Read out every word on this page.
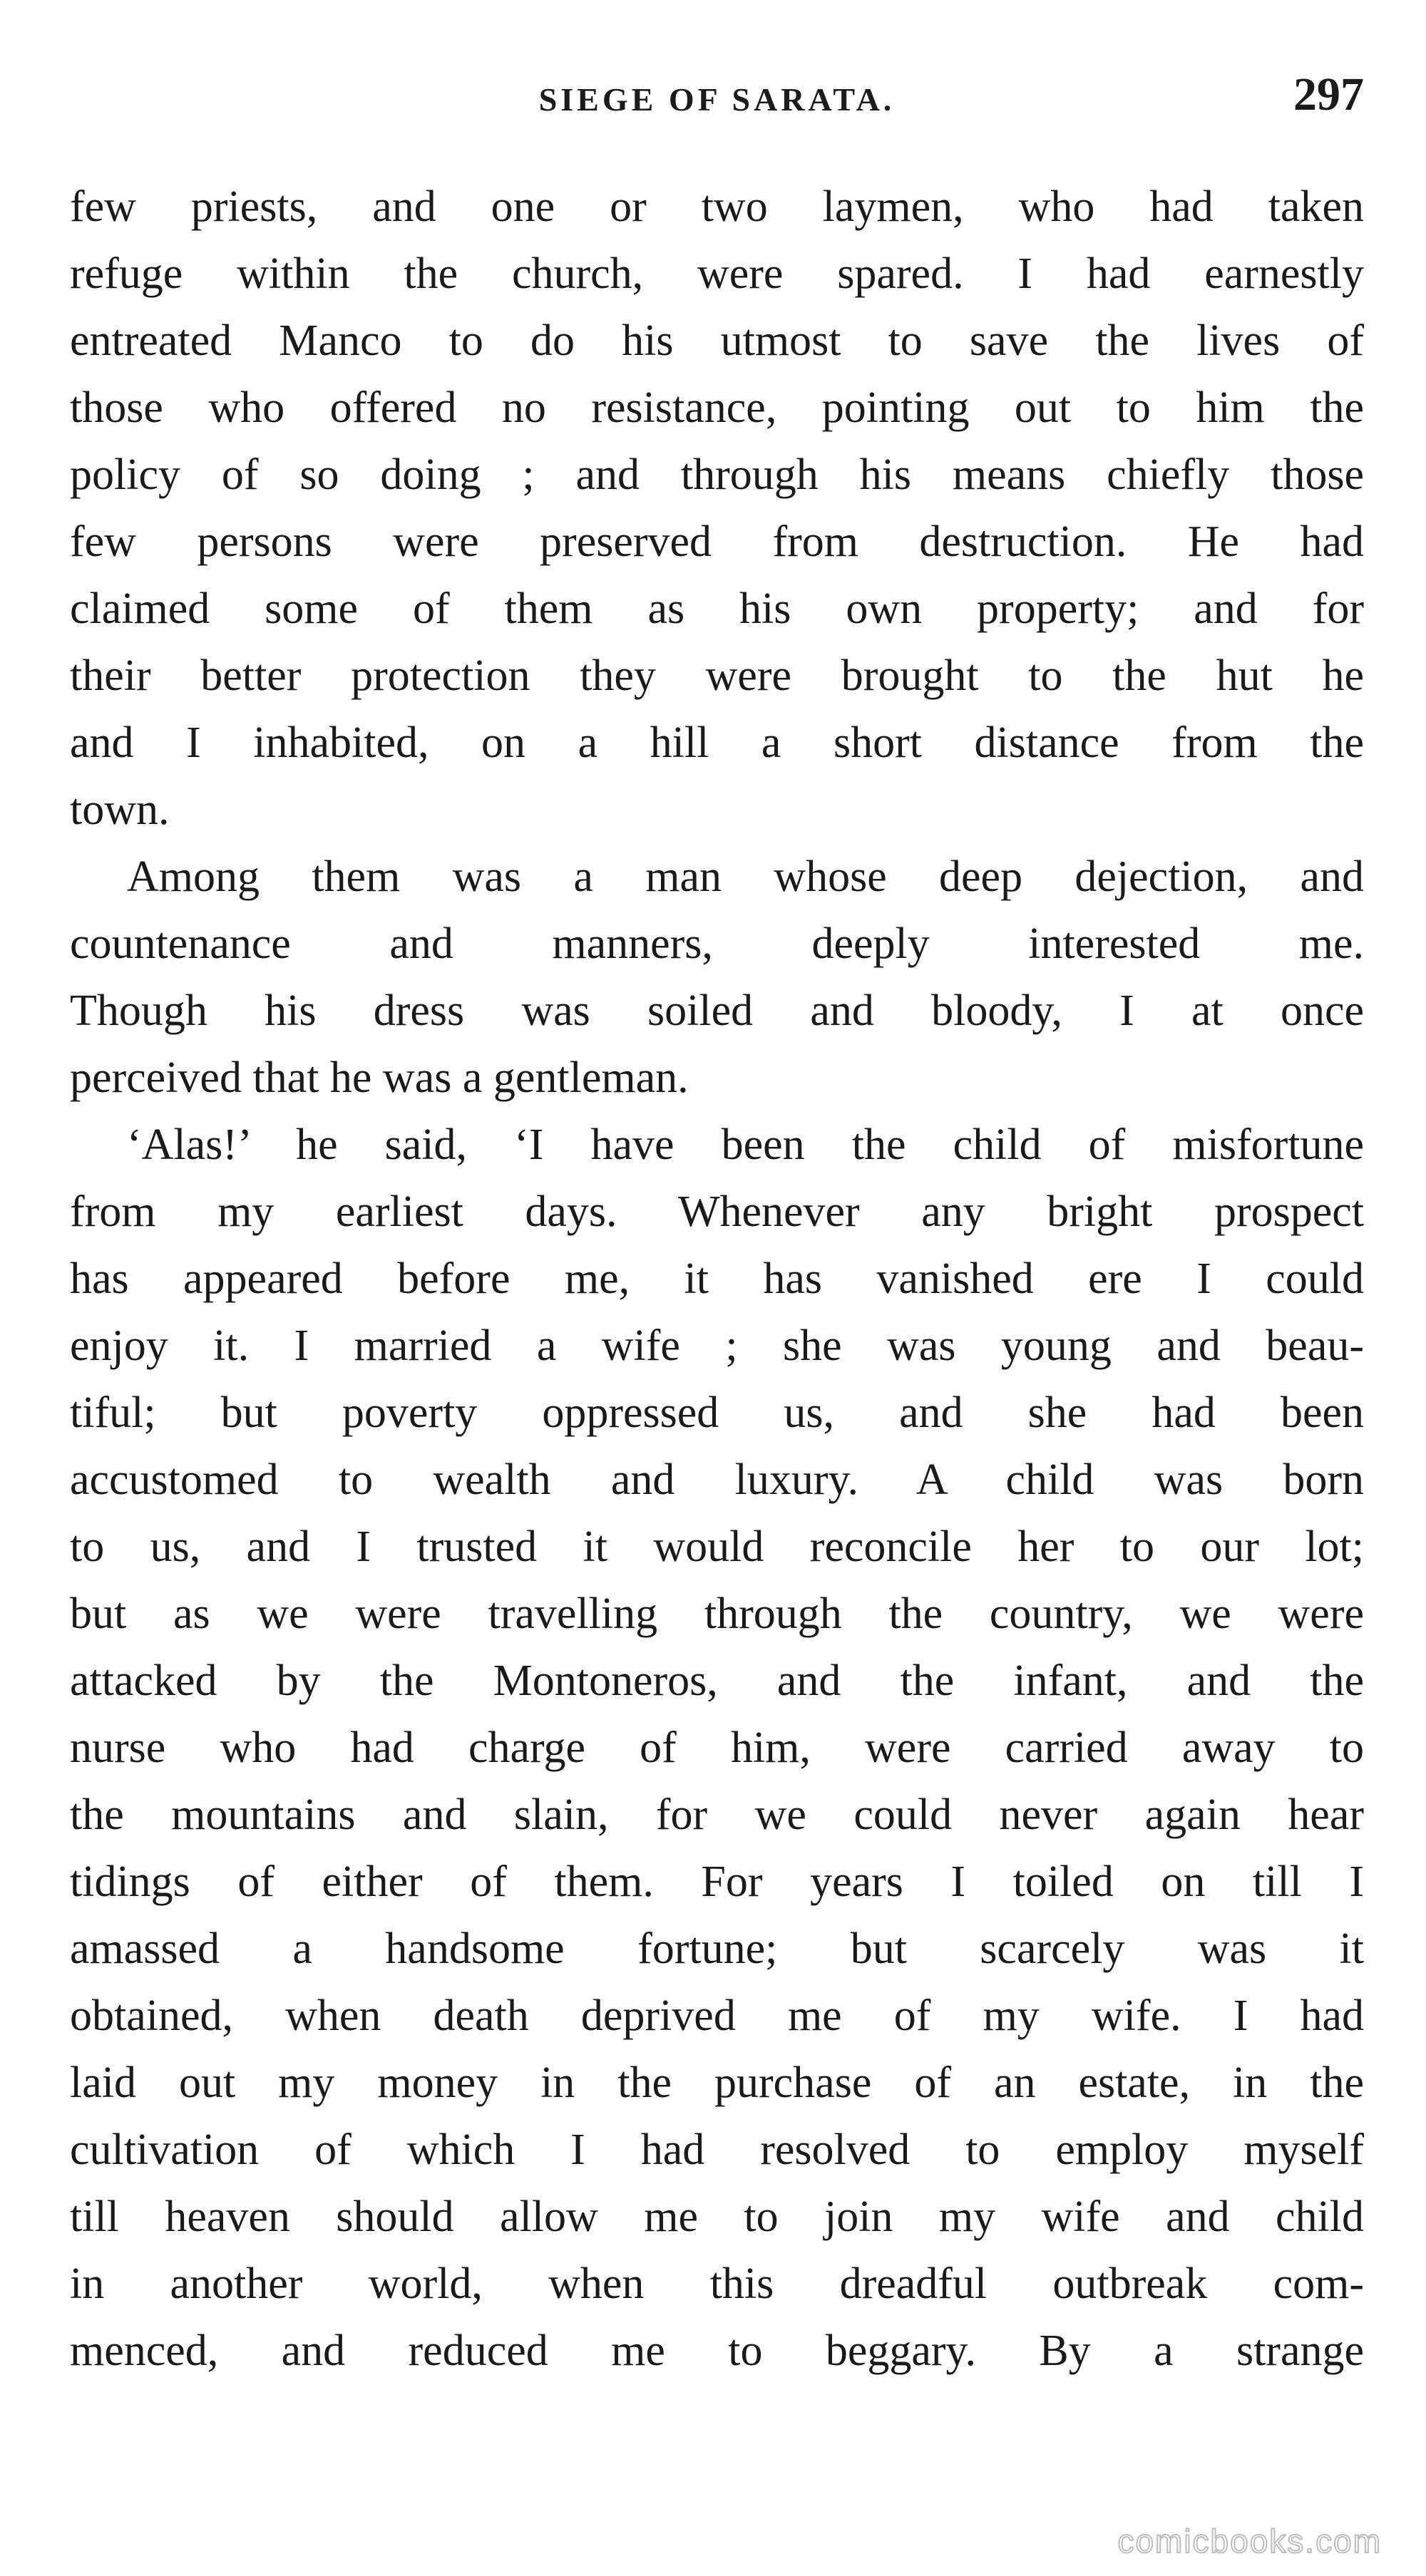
SIEGE OF SARATA.	297
few priests, and one or two laymen, who had taken
refuge within the church, were spared. I had earnestly
entreated Manco to do his utmost to save the lives of
those who offered no resistance, pointing out to him the
policy of so doing ; and through his means chiefly those
few persons were preserved from destruction. He had
claimed some of them as his own property; and for
their better protection they were brought to the hut he
and I inhabited, on a hill a short distance from the
town.
Among them was a man whose deep dejection, and
countenance and manners, deeply interested me.
Though his dress was soiled and bloody, I at once
perceived that he was a gentleman.
‘Alas!’ he said, ‘I have been the child of misfortune
from my earliest days. Whenever any bright prospect
has appeared before me, it has vanished ere I could
enjoy it. I married a wife ; she was young and beau-
tiful; but poverty oppressed us, and she had been
accustomed to wealth and luxury. A child was born
to us, and I trusted it would reconcile her to our lot;
but as we were travelling through the country, we were
attacked by the Montoneros, and the infant, and the
nurse who had charge of him, were carried away to
the mountains and slain, for we could never again hear
tidings of either of them. For years I toiled on till I
amassed a handsome fortune; but scarcely was it
obtained, when death deprived me of my wife. I had
laid out my money in the purchase of an estate, in the
cultivation of which I had resolved to employ myself
till heaven should allow me to join my wife and child
in another world, when this dreadful outbreak com-
menced, and reduced me to beggary. By a strange
comicbooks.com
